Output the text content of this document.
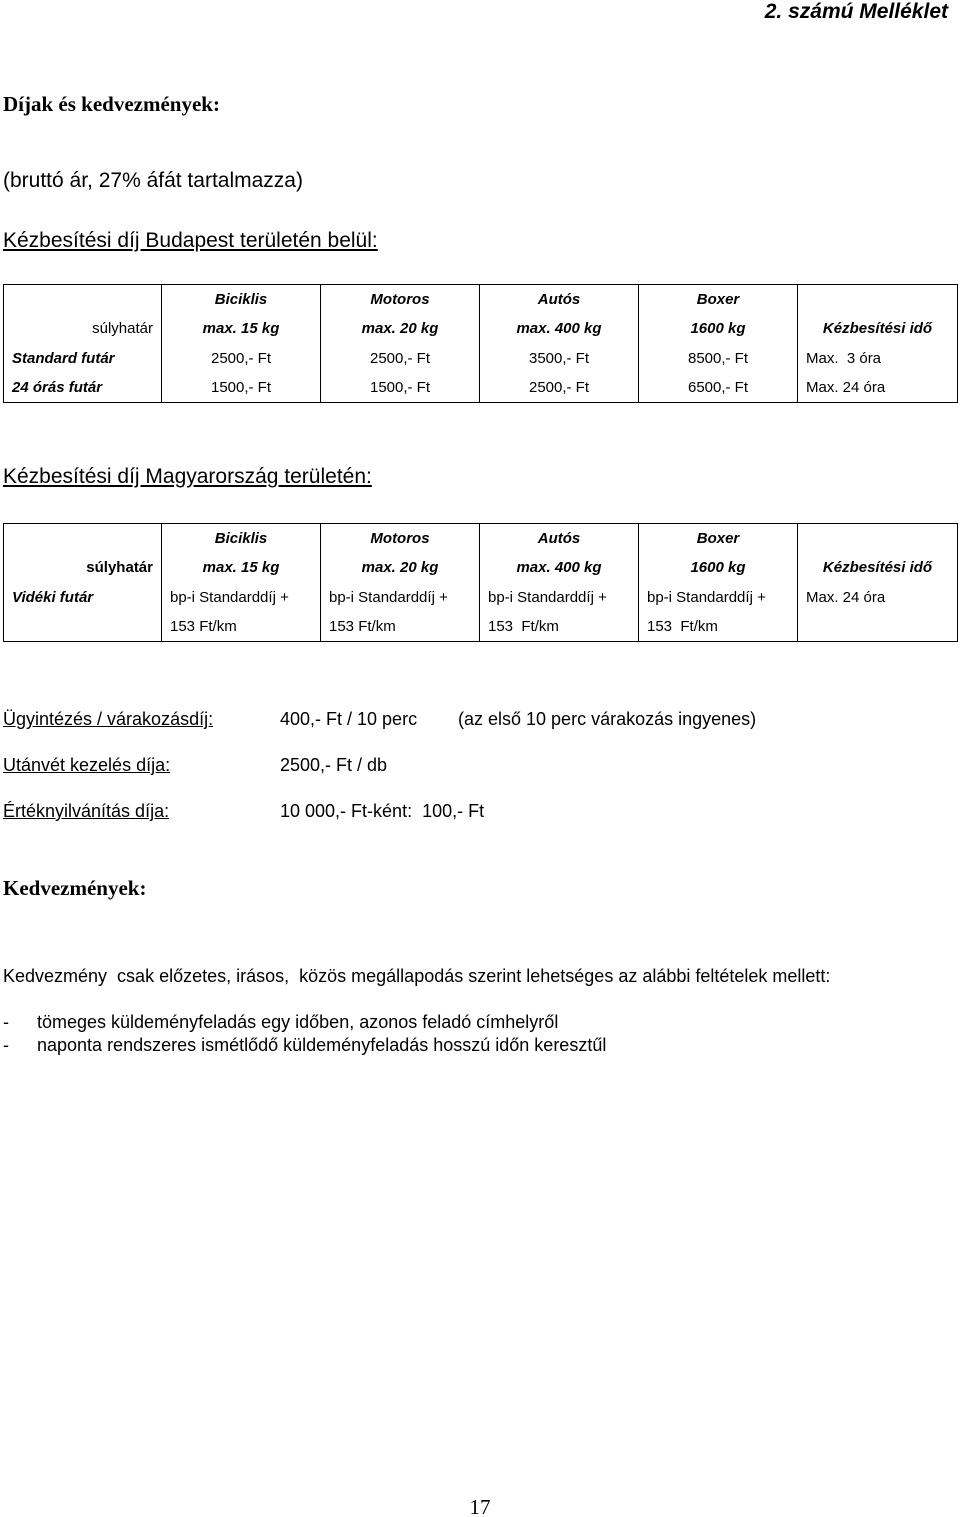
2. számú Melléklet
Díjak és kedvezmények:
(bruttó ár, 27% áfát tartalmazza)
Kézbesítési díj Budapest területén belül:
	Biciklis	Motoros	Autós	Boxer	
súlyhatár	max. 15 kg	max. 20 kg	max. 400 kg	1600 kg	Kézbesítési idő
Standard futár	2500,- Ft	2500,- Ft	3500,- Ft	8500,- Ft	Max.  3 óra
24 órás futár	1500,- Ft	1500,- Ft	2500,- Ft	6500,- Ft	Max. 24 óra
Kézbesítési díj Magyarország területén:
	Biciklis	Motoros	Autós	Boxer	
súlyhatár	max. 15 kg	max. 20 kg	max. 400 kg	1600 kg	Kézbesítési idő
Vidéki futár	bp-i Standarddíj +	bp-i Standarddíj +	bp-i Standarddíj +	bp-i Standarddíj +	Max. 24 óra
	153 Ft/km	153 Ft/km	153  Ft/km	153  Ft/km	
Ügyintézés / várakozásdíj:	400,- Ft / 10 perc (az első 10 perc várakozás ingyenes)
Utánvét kezelés díja:	2500,- Ft / db
Értéknyilvánítás díja:	10 000,- Ft-ként:  100,- Ft
Kedvezmények:
Kedvezmény  csak előzetes, irásos,  közös megállapodás szerint lehetséges az alábbi feltételek mellett:
- tömeges küldeményfeladás egy időben, azonos feladó címhelyről
- naponta rendszeres ismétlődő küldeményfeladás hosszú időn keresztűl
17
